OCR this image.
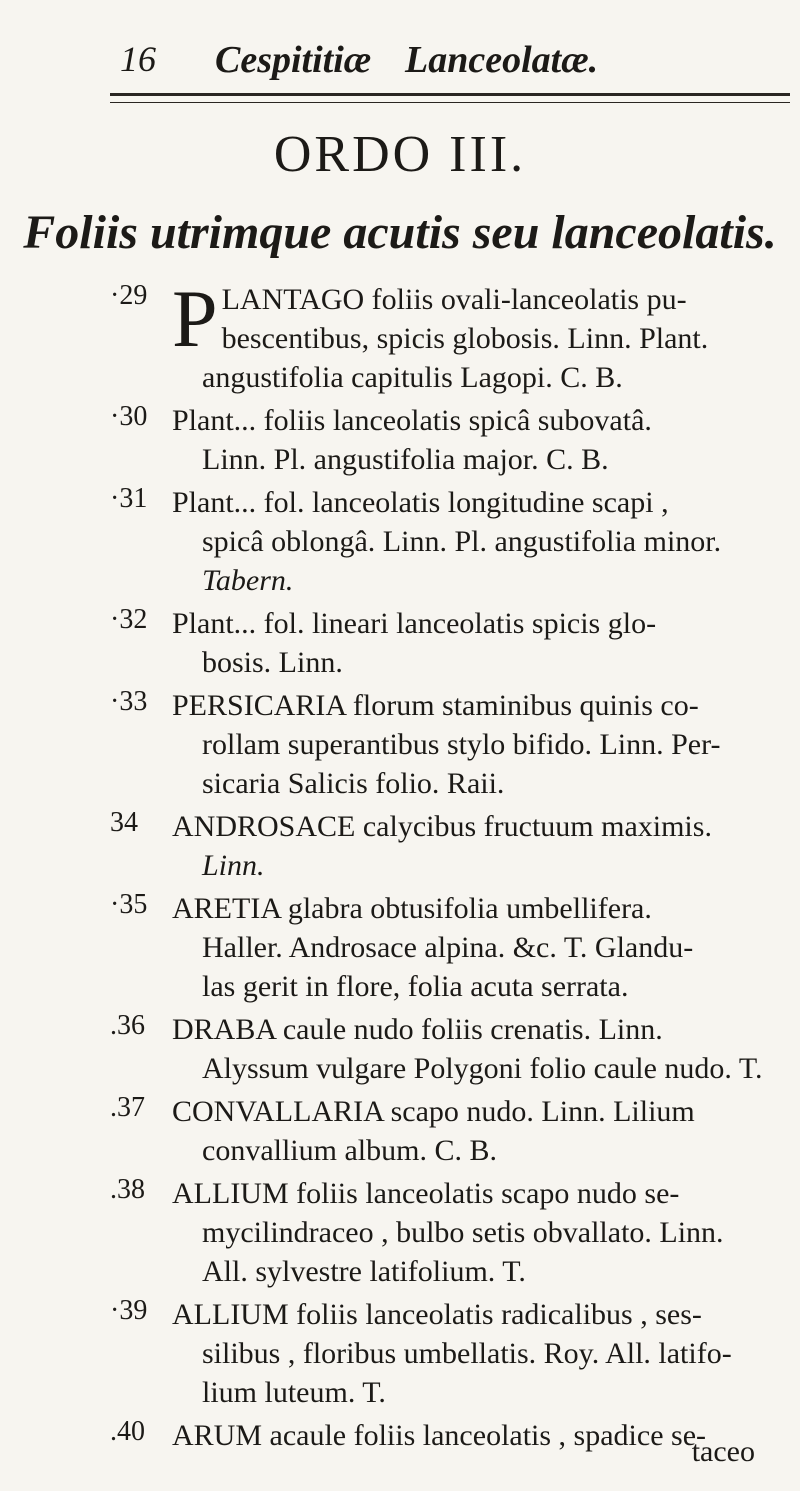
16 Cespititiæ Lanceolatæ.
ORDO III.
Foliis utrimque acutis seu lanceolatis.
·29 P LANTAGO foliis ovali-lanceolatis pu-
bescentibus, spicis globosis. Linn. Plant.
angustifolia capitulis Lagopi. C. B.
·30 Plant... foliis lanceolatis spicâ subovatâ.
Linn. Pl. angustifolia major. C. B.
·31 Plant... fol. lanceolatis longitudine scapi ,
spicâ oblongâ. Linn. Pl. angustifolia minor.
Tabern.
·32 Plant... fol. lineari lanceolatis spicis glo-
bosis. Linn.
·33 PERSICARIA florum staminibus quinis co-
rollam superantibus stylo bifido. Linn. Per-
sicaria Salicis folio. Raii.
34	ANDROSACE calycibus fructuum maximis.
Linn.
·35 ARETIA glabra obtusifolia umbellifera.
Haller. Androsace alpina. &c. T. Glandu-
las gerit in flore, folia acuta serrata.
.36 DRABA caule nudo foliis crenatis. Linn.
Alyssum vulgare Polygoni folio caule nudo. T.
.37 CONVALLARIA scapo nudo. Linn. Lilium
convallium album. C. B.
.38 ALLIUM foliis lanceolatis scapo nudo se-
mycilindraceo , bulbo setis obvallato. Linn.
All. sylvestre latifolium. T.
·39 ALLIUM foliis lanceolatis radicalibus , ses-
silibus , floribus umbellatis. Roy. All. latifo-
lium luteum. T.
.40 ARUM acaule foliis lanceolatis , spadice se-
taceo
